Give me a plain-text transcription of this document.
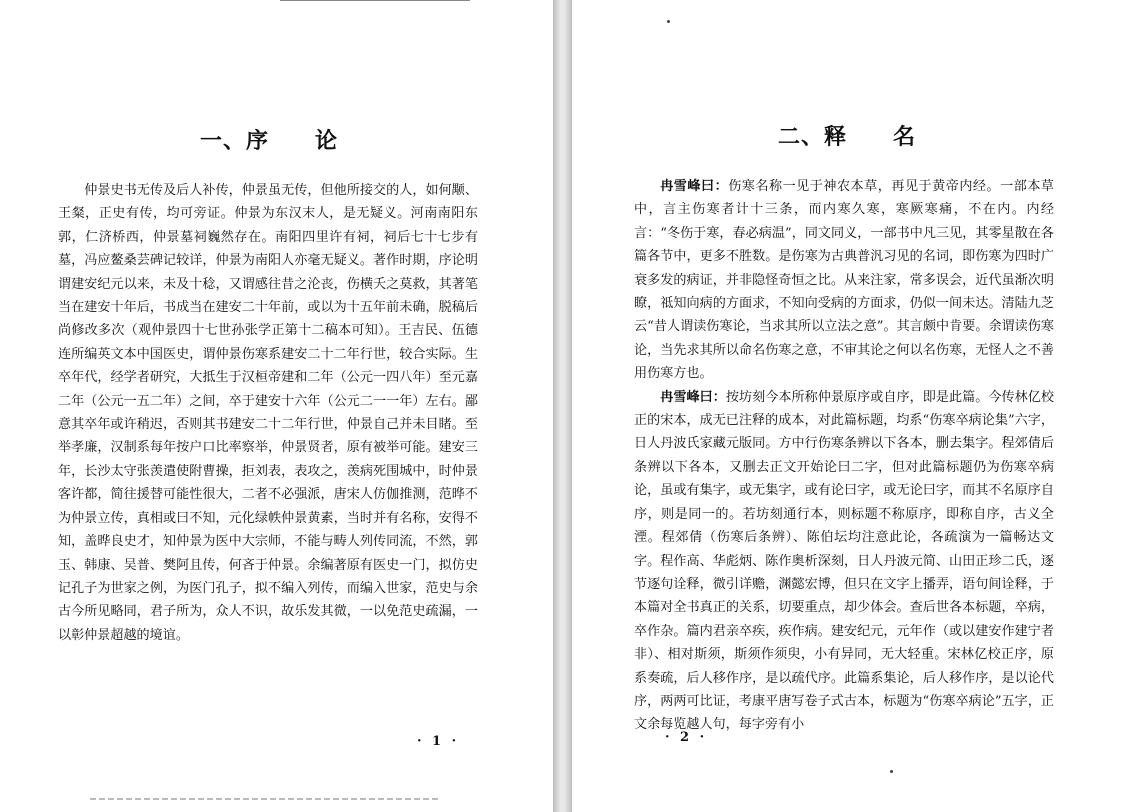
一、序　　论

仲景史书无传及后人补传，仲景虽无传，但他所接交的人，如何颙、王粲，正史有传，均可旁证。仲景为东汉末人，是无疑义。河南南阳东郭，仁济桥西，仲景墓祠巍然存在。南阳四里许有祠，祠后七十七步有墓，冯应鳌桑芸碑记较详，仲景为南阳人亦毫无疑义。著作时期，序论明谓建安纪元以来，未及十稔，又谓感往昔之沦丧，伤横夭之莫救，其著笔当在建安十年后，书成当在建安二十年前，或以为十五年前未确，脱稿后尚修改多次（观仲景四十七世孙张学正第十二稿本可知）。王吉民、伍德连所编英文本中国医史，谓仲景伤寒系建安二十二年行世，较合实际。生卒年代，经学者研究，大抵生于汉桓帝建和二年（公元一四八年）至元嘉二年（公元一五二年）之间，卒于建安十六年（公元二一一年）左右。鄙意其卒年或许稍迟，否则其书建安二十二年行世，仲景自己并未目睹。至举孝廉，汉制系每年按户口比率察举，仲景贤者，原有被举可能。建安三年，长沙太守张羡遣使附曹操，拒刘表，表攻之，羡病死围城中，时仲景客许都，简往援替可能性很大，二者不必强派，唐宋人仿伽推测，范晔不为仲景立传，真相或曰不知，元化绿帙仲景黄素，当时并有名称，安得不知，盖晔良史才，知仲景为医中大宗师，不能与畴人列传同流，不然，郭玉、韩康、吴普、樊阿且传，何吝于仲景。余编著原有医史一门，拟仿史记孔子为世家之例，为医门孔子，拟不编入列传，而编入世家，范史与余古今所见略同，君子所为，众人不识，故乐发其微，一以免范史疏漏，一以彰仲景超越的境谊。

· 1 ·
二、释　　名

冉雪峰曰：伤寒名称一见于神农本草，再见于黄帝内经。一部本草中，言主伤寒者计十三条，而内寒久寒，寒厥寒痛，不在内。内经言：“冬伤于寒，春必病温”，同文同义，一部书中凡三见，其零星散在各篇各节中，更多不胜数。是伤寒为古典普汎习见的名词，即伤寒为四时广衰多发的病证，并非隐怪奇恒之比。从来注家，常多误会，近代虽渐次明瞭，祗知向病的方面求，不知向受病的方面求，仍似一间未达。清陆九芝云“昔人谓读伤寒论，当求其所以立法之意”。其言颇中肯要。余谓读伤寒论，当先求其所以命名伤寒之意，不审其论之何以名伤寒，无怪人之不善用伤寒方也。

冉雪峰曰：按坊刻今本所称仲景原序或自序，即是此篇。今传林亿校正的宋本，成无已注释的成本，对此篇标题，均系“伤寒卒病论集”六字，日人丹波氏家藏元版同。方中行伤寒条辨以下各本，删去集字。程郊倩后条辨以下各本，又删去正文开始论曰二字，但对此篇标题仍为伤寒卒病论，虽或有集字，或无集字，或有论曰字，或无论曰字，而其不名原序自序，则是同一的。若坊刻通行本，则标题不称原序，即称自序，古义全湮。程郊倩（伤寒后条辨）、陈伯坛均注意此论，各疏演为一篇畅达文字。程作高、华彪炳、陈作奥析深刻，日人丹波元简、山田正珍二氏，逐节逐句诠释，微引详赡，渊懿宏博，但只在文字上播弄，语句间诠释，于本篇对全书真正的关系，切要重点，却少体会。查后世各本标题，卒病，卒作杂。篇内君亲卒疾，疾作病。建安纪元，元年作（或以建安作建宁者非）、相对斯须，斯须作须臾，小有异同，无大轻重。宋林亿校正序，原系奏疏，后人移作序，是以疏代序。此篇系集论，后人移作序，是以论代序，两两可比证，考康平唐写卷子式古本，标题为“伤寒卒病论”五字，正文余每览越人句，每字旁有小

· 2 ·
